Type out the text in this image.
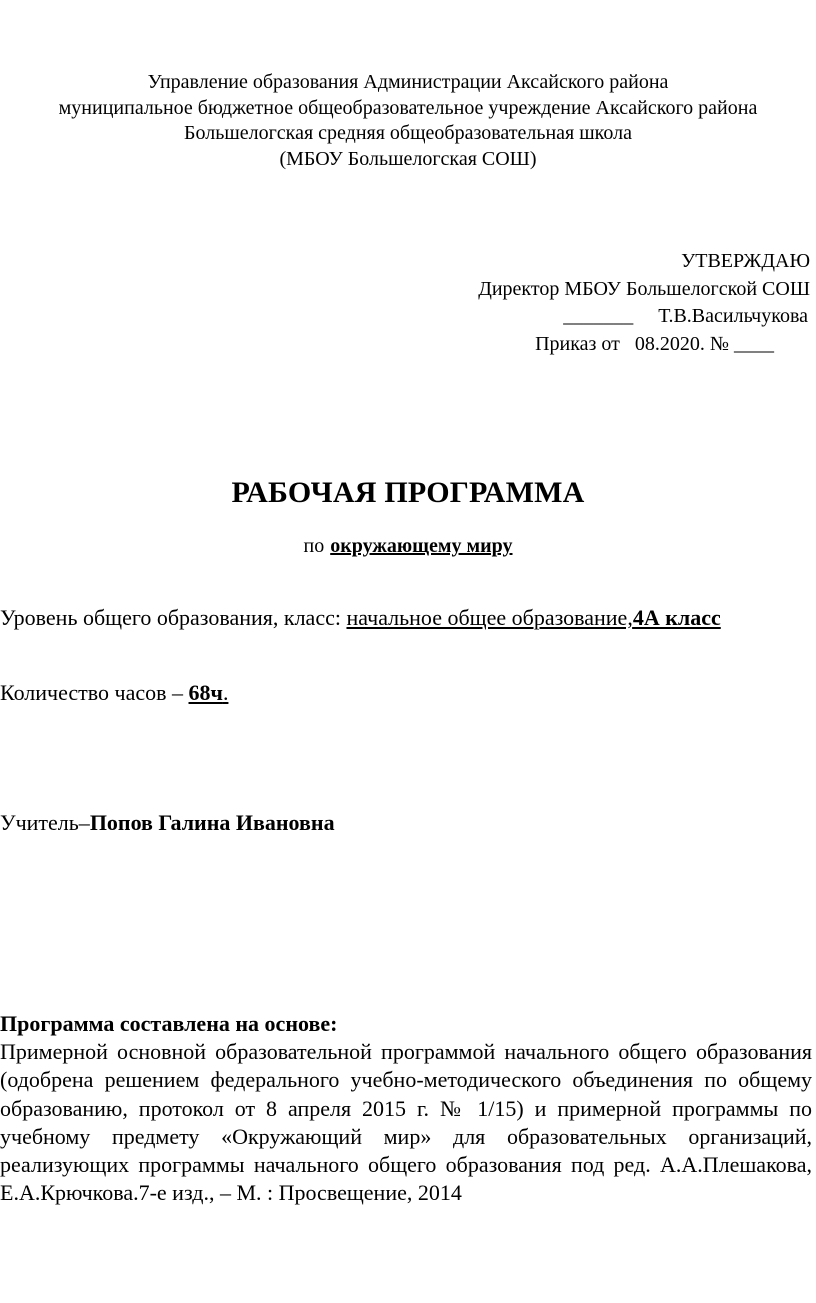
Управление образования Администрации Аксайского района
муниципальное бюджетное общеобразовательное учреждение Аксайского района
Большелогская средняя общеобразовательная школа
(МБОУ Большелогская СОШ)
УТВЕРЖДАЮ
Директор МБОУ Большелогской СОШ
_______     Т.В.Васильчукова
Приказ от   08.2020. № ____
РАБОЧАЯ ПРОГРАММА
по окружающему миру
Уровень общего образования, класс: начальное общее образование,4А класс
Количество часов – 68ч.
Учитель–Попов Галина Ивановна
Программа составлена на основе:
Примерной основной образовательной программой начального общего образования (одобрена решением федерального учебно-методического объединения по общему образованию, протокол от 8 апреля 2015 г. № 1/15) и примерной программы по учебному предмету «Окружающий мир» для образовательных организаций, реализующих программы начального общего образования под ред. А.А.Плешакова, Е.А.Крючкова.7-е изд., – М. : Просвещение, 2014
